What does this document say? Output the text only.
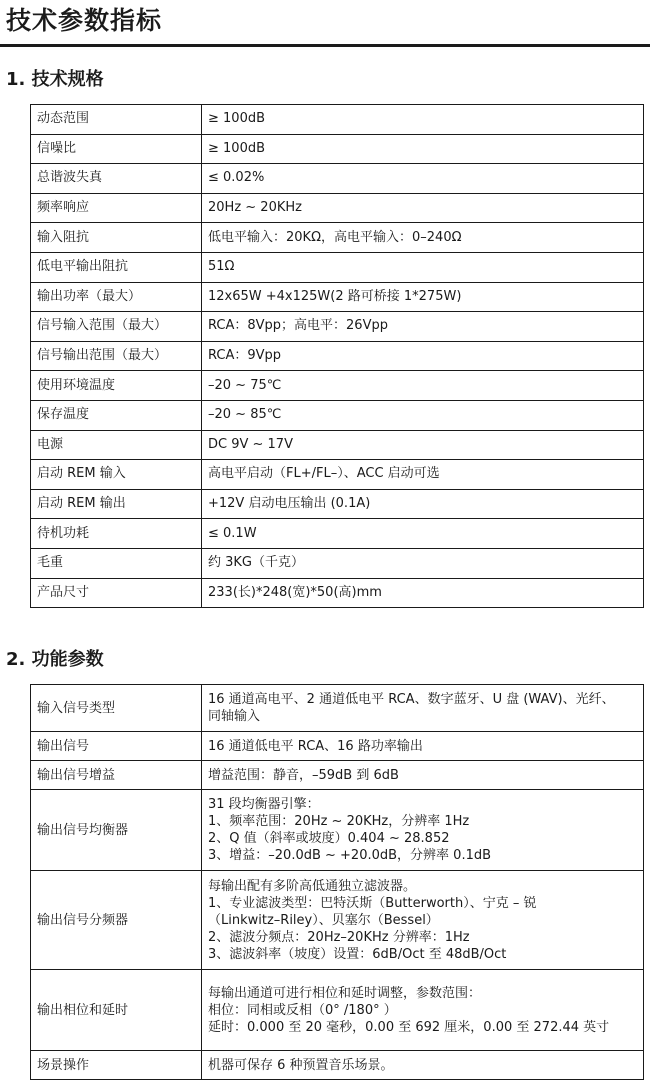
技术参数指标
1. 技术规格
动态范围	≥ 100dB
信噪比	≥ 100dB
总谐波失真	≤ 0.02%
频率响应	20Hz ~ 20KHz
输入阻抗	低电平输入：20KΩ，高电平输入：0–240Ω
低电平输出阻抗	51Ω
输出功率（最大）	12x65W +4x125W(2 路可桥接 1*275W)
信号输入范围（最大）	RCA：8Vpp；高电平：26Vpp
信号输出范围（最大）	RCA：9Vpp
使用环境温度	–20 ~ 75℃
保存温度	–20 ~ 85℃
电源	DC 9V ~ 17V
启动 REM 输入	高电平启动（FL+/FL–）、ACC 启动可选
启动 REM 输出	+12V 启动电压输出 (0.1A)
待机功耗	≤ 0.1W
毛重	约 3KG（千克）
产品尺寸	233(长)*248(宽)*50(高)mm
2. 功能参数
输入信号类型	16 通道高电平、2 通道低电平 RCA、数字蓝牙、U 盘 (WAV)、光纤、
同轴输入

输出信号	16 通道低电平 RCA、16 路功率输出

输出信号增益	增益范围：静音，–59dB 到 6dB

输出信号均衡器	31 段均衡器引擎：
1、频率范围：20Hz ~ 20KHz，分辨率 1Hz
2、Q 值（斜率或坡度）0.404 ~ 28.852
3、增益：–20.0dB ~ +20.0dB，分辨率 0.1dB

输出信号分频器	每输出配有多阶高低通独立滤波器。
1、专业滤波类型：巴特沃斯（Butterworth）、宁克 – 锐
（Linkwitz–Riley）、贝塞尔（Bessel）
2、滤波分频点：20Hz–20KHz 分辨率：1Hz
3、滤波斜率（坡度）设置：6dB/Oct 至 48dB/Oct

输出相位和延时	每输出通道可进行相位和延时调整，参数范围：
相位：同相或反相（0° /180° ）
延时：0.000 至 20 毫秒，0.00 至 692 厘米，0.00 至 272.44 英寸

场景操作	机器可保存 6 种预置音乐场景。
